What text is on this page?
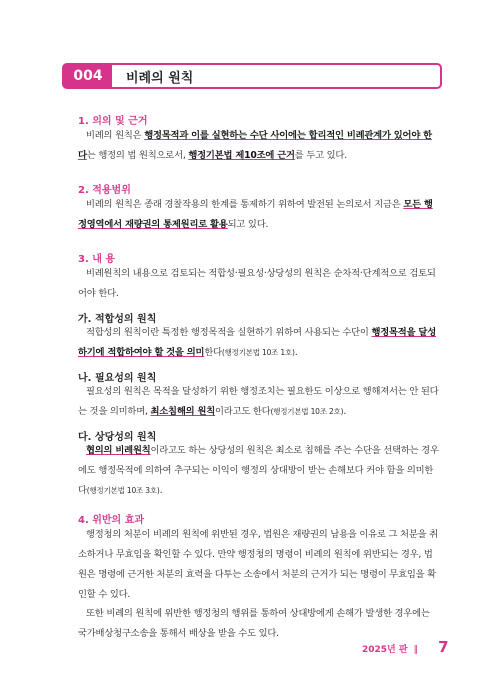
004	비례의 원칙
1. 의의 및 근거
비례의 원칙은 행정목적과 이를 실현하는 수단 사이에는 합리적인 비례관계가 있어야 한다는 행정의 법 원칙으로서, 행정기본법 제10조에 근거를 두고 있다.
2. 적용범위
비례의 원칙은 종래 경찰작용의 한계를 통제하기 위하여 발전된 논의로서 지금은 모든 행정영역에서 재량권의 통제원리로 활용되고 있다.
3. 내 용
비례원칙의 내용으로 검토되는 적합성·필요성·상당성의 원칙은 순차적·단계적으로 검토되어야 한다.
가. 적합성의 원칙
적합성의 원칙이란 특정한 행정목적을 실현하기 위하여 사용되는 수단이 행정목적을 달성하기에 적합하여야 할 것을 의미한다(행정기본법 10조 1호).
나. 필요성의 원칙
필요성의 원칙은 목적을 달성하기 위한 행정조치는 필요한도 이상으로 행해져서는 안 된다는 것을 의미하며, 최소침해의 원칙이라고도 한다(행정기본법 10조 2호).
다. 상당성의 원칙
협의의 비례원칙이라고도 하는 상당성의 원칙은 최소로 침해를 주는 수단을 선택하는 경우에도 행정목적에 의하여 추구되는 이익이 행정의 상대방이 받는 손해보다 커야 함을 의미한다(행정기본법 10조 3호).
4. 위반의 효과
행정청의 처분이 비례의 원칙에 위반된 경우, 법원은 재량권의 남용을 이유로 그 처분을 취소하거나 무효임을 확인할 수 있다. 만약 행정청의 명령이 비례의 원칙에 위반되는 경우, 법원은 명령에 근거한 처분의 효력을 다투는 소송에서 처분의 근거가 되는 명령이 무효임을 확인할 수 있다.
또한 비례의 원칙에 위반한 행정청의 행위를 통하여 상대방에게 손해가 발생한 경우에는 국가배상청구소송을 통해서 배상을 받을 수도 있다.
2025년 판 ‖ 7
